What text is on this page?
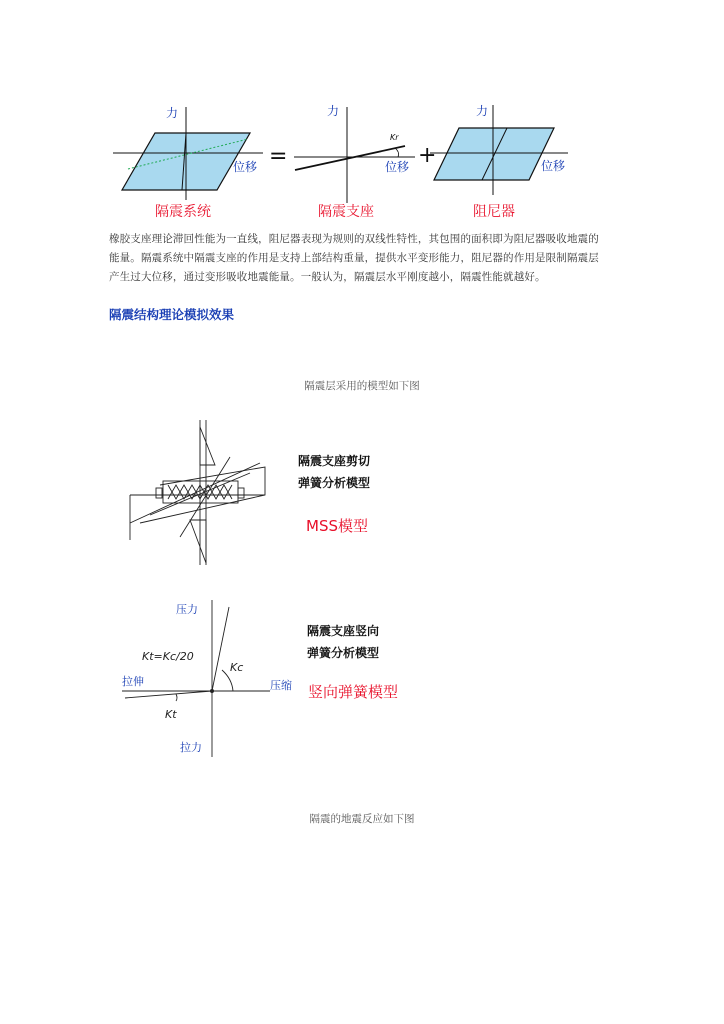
力
位移
隔震系统
=
Kr
力
位移
隔震支座
+
力
位移
阻尼器
橡胶支座理论滞回性能为一直线，阻尼器表现为规则的双线性特性，其包围的面积即为阻尼器吸收地震的
能量。隔震系统中隔震支座的作用是支持上部结构重量，提供水平变形能力，阻尼器的作用是限制隔震层
产生过大位移，通过变形吸收地震能量。一般认为，隔震层水平刚度越小，隔震性能就越好。
隔震结构理论模拟效果
隔震层采用的模型如下图
隔震支座剪切
弹簧分析模型
MSS模型
压力
拉伸	压缩
拉力
Kt=Kc/20
Kc
Kt
隔震支座竖向
弹簧分析模型
竖向弹簧模型
隔震的地震反应如下图
